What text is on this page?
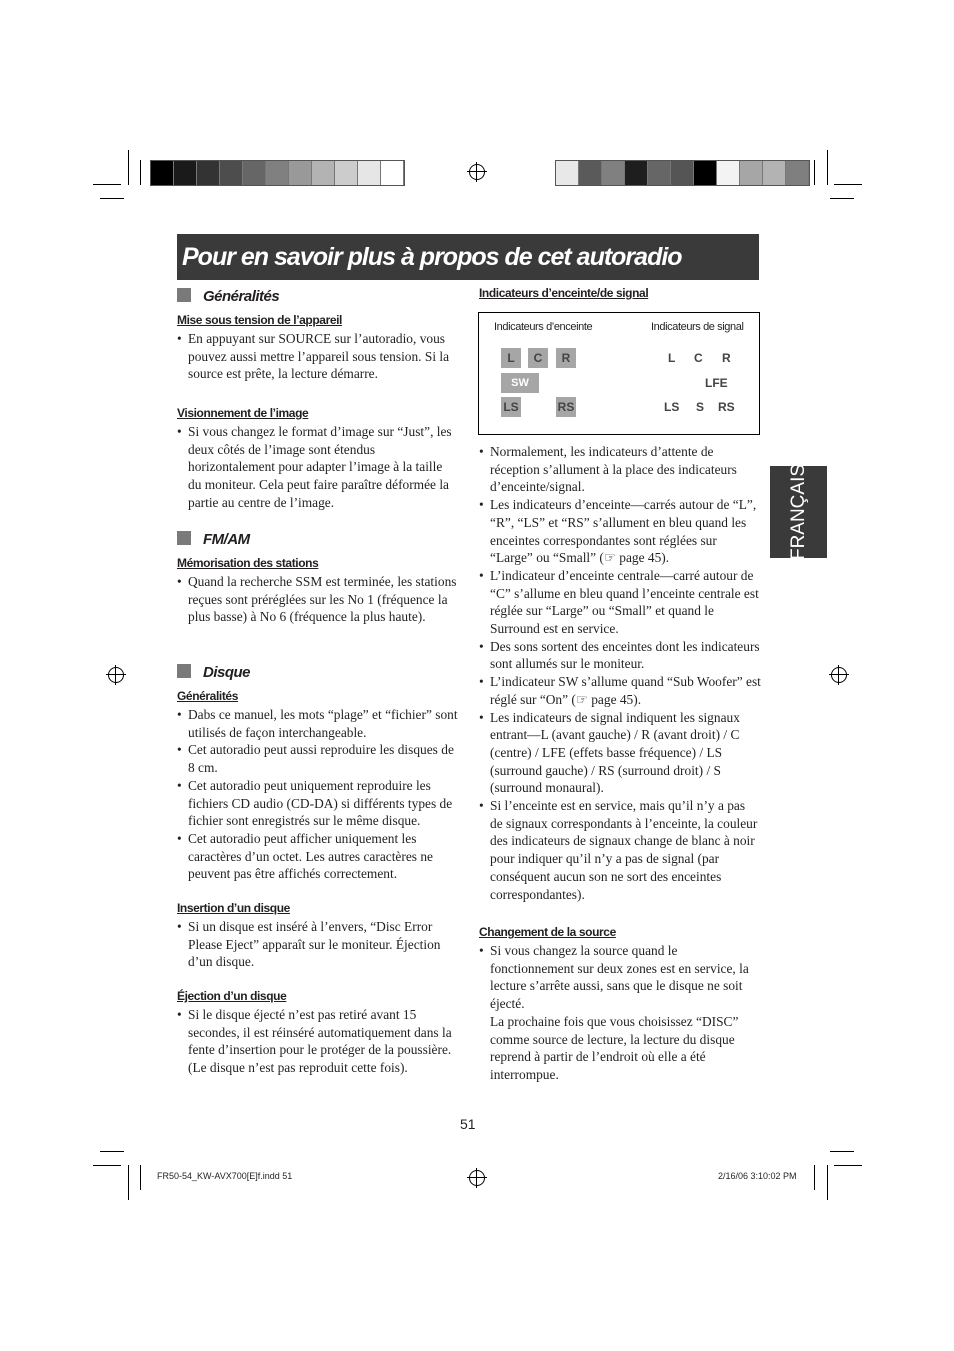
Pour en savoir plus à propos de cet autoradio
FRANÇAIS
Généralités
Mise sous tension de l’appareil
• En appuyant sur SOURCE sur l’autoradio, vous pouvez aussi mettre l’appareil sous tension. Si la source est prête, la lecture démarre.
Visionnement de l’image
• Si vous changez le format d’image sur “Just”, les deux côtés de l’image sont étendus horizontalement pour adapter l’image à la taille du moniteur. Cela peut faire paraître déformée la partie au centre de l’image.
FM/AM
Mémorisation des stations
• Quand la recherche SSM est terminée, les stations reçues sont préréglées sur les No 1 (fréquence la plus basse) à No 6 (fréquence la plus haute).
Disque
Généralités
• Dabs ce manuel, les mots “plage” et “fichier” sont utilisés de façon interchangeable.
• Cet autoradio peut aussi reproduire les disques de 8 cm.
• Cet autoradio peut uniquement reproduire les fichiers CD audio (CD-DA) si différents types de fichier sont enregistrés sur le même disque.
• Cet autoradio peut afficher uniquement les caractères d’un octet. Les autres caractères ne peuvent pas être affichés correctement.
Insertion d’un disque
• Si un disque est inséré à l’envers, “Disc Error Please Eject” apparaît sur le moniteur. Éjection d’un disque.
Éjection d’un disque
• Si le disque éjecté n’est pas retiré avant 15 secondes, il est réinséré automatiquement dans la fente d’insertion pour le protéger de la poussière. (Le disque n’est pas reproduit cette fois).
Indicateurs d’enceinte/de signal
Indicateurs d’enceinte	Indicateurs de signal
L	C	R
SW
LS	RS
L C R
LFE
LS S RS
• Normalement, les indicateurs d’attente de réception s’allument à la place des indicateurs d’enceinte/signal.
• Les indicateurs d’enceinte—carrés autour de “L”, “R”, “LS” et “RS” s’allument en bleu quand les enceintes correspondantes sont réglées sur “Large” ou “Small” (☞ page 45).
• L’indicateur d’enceinte centrale—carré autour de “C” s’allume en bleu quand l’enceinte centrale est réglée sur “Large” ou “Small” et quand le Surround est en service.
• Des sons sortent des enceintes dont les indicateurs sont allumés sur le moniteur.
• L’indicateur SW s’allume quand “Sub Woofer” est réglé sur “On” (☞ page 45).
• Les indicateurs de signal indiquent les signaux entrant—L (avant gauche) / R (avant droit) / C (centre) / LFE (effets basse fréquence) / LS (surround gauche) / RS (surround droit) / S (surround monaural).
• Si l’enceinte est en service, mais qu’il n’y a pas de signaux correspondants à l’enceinte, la couleur des indicateurs de signaux change de blanc à noir pour indiquer qu’il n’y a pas de signal (par conséquent aucun son ne sort des enceintes correspondantes).
Changement de la source
• Si vous changez la source quand le fonctionnement sur deux zones est en service, la lecture s’arrête aussi, sans que le disque ne soit éjecté.
La prochaine fois que vous choisissez “DISC” comme source de lecture, la lecture du disque reprend à partir de l’endroit où elle a été interrompue.
51
FR50-54_KW-AVX700[E]f.indd 51	2/16/06 3:10:02 PM
